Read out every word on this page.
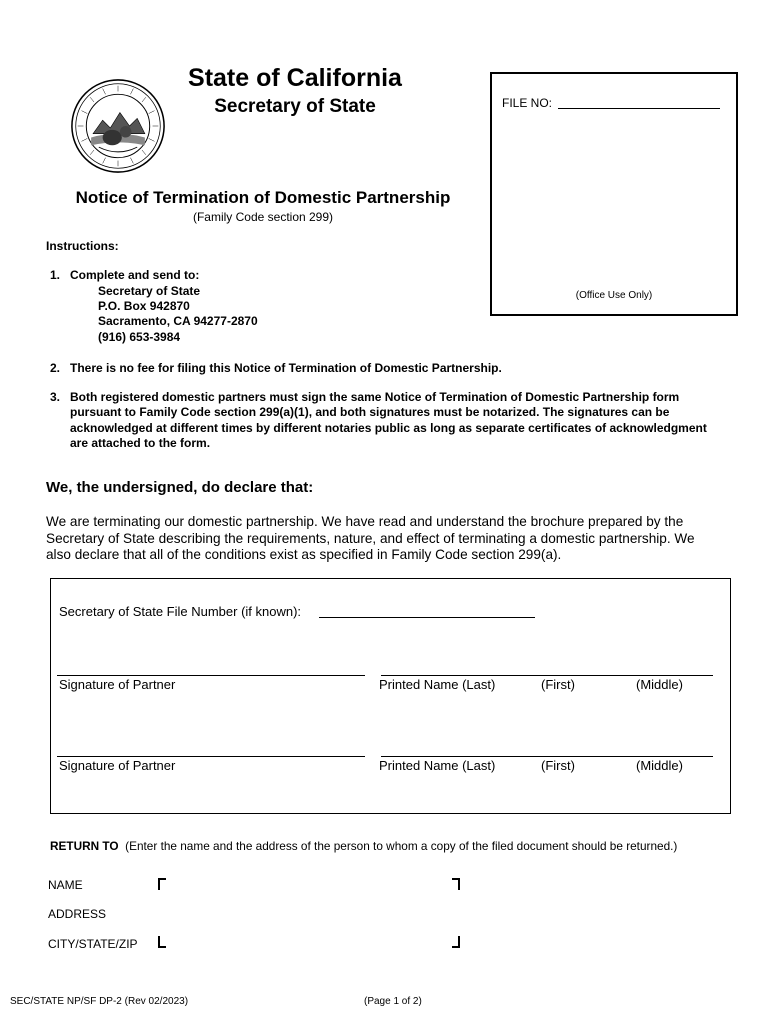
State of California
Secretary of State	FILE NO:
(Office Use Only)
Notice of Termination of Domestic Partnership
(Family Code section 299)
Instructions:
1. Complete and send to:
Secretary of State
P.O. Box 942870
Sacramento, CA 94277-2870
(916) 653-3984
2. There is no fee for filing this Notice of Termination of Domestic Partnership.
3. Both registered domestic partners must sign the same Notice of Termination of Domestic Partnership form pursuant to Family Code section 299(a)(1), and both signatures must be notarized. The signatures can be acknowledged at different times by different notaries public as long as separate certificates of acknowledgment are attached to the form.
We, the undersigned, do declare that:
We are terminating our domestic partnership. We have read and understand the brochure prepared by the Secretary of State describing the requirements, nature, and effect of terminating a domestic partnership. We also declare that all of the conditions exist as specified in Family Code section 299(a).
Secretary of State File Number (if known):
Signature of Partner	Printed Name (Last)	(First)	(Middle)
Signature of Partner	Printed Name (Last)	(First)	(Middle)
RETURN TO (Enter the name and the address of the person to whom a copy of the filed document should be returned.)
NAME
ADDRESS
CITY/STATE/ZIP
SEC/STATE NP/SF DP-2 (Rev 02/2023)	(Page 1 of 2)
